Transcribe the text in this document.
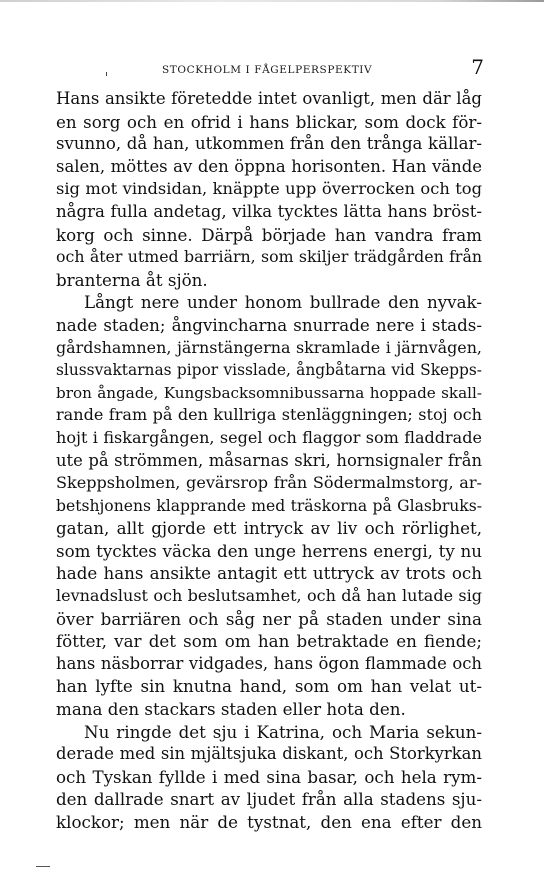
STOCKHOLM I FÅGELPERSPEKTIV	7
Hans ansikte företedde intet ovanligt, men där låg
en sorg och en ofrid i hans blickar, som dock för-
svunno, då han, utkommen från den trånga källar-
salen, möttes av den öppna horisonten. Han vände
sig mot vindsidan, knäppte upp överrocken och tog
några fulla andetag, vilka tycktes lätta hans bröst-
korg och sinne. Därpå började han vandra fram
och åter utmed barriärn, som skiljer trädgården från
branterna åt sjön.
Långt nere under honom bullrade den nyvak-
nade staden; ångvincharna snurrade nere i stads-
gårdshamnen, järnstängerna skramlade i järnvågen,
slussvaktarnas pipor visslade, ångbåtarna vid Skepps-
bron ångade, Kungsbacksomnibussarna hoppade skall-
rande fram på den kullriga stenläggningen; stoj och
hojt i fiskargången, segel och flaggor som fladdrade
ute på strömmen, måsarnas skri, hornsignaler från
Skeppsholmen, gevärsrop från Södermalmstorg, ar-
betshjonens klapprande med träskorna på Glasbruks-
gatan, allt gjorde ett intryck av liv och rörlighet,
som tycktes väcka den unge herrens energi, ty nu
hade hans ansikte antagit ett uttryck av trots och
levnadslust och beslutsamhet, och då han lutade sig
över barriären och såg ner på staden under sina
fötter, var det som om han betraktade en fiende;
hans näsborrar vidgades, hans ögon flammade och
han lyfte sin knutna hand, som om han velat ut-
mana den stackars staden eller hota den.
Nu ringde det sju i Katrina, och Maria sekun-
derade med sin mjältsjuka diskant, och Storkyrkan
och Tyskan fyllde i med sina basar, och hela rym-
den dallrade snart av ljudet från alla stadens sju-
klockor; men när de tystnat, den ena efter den
